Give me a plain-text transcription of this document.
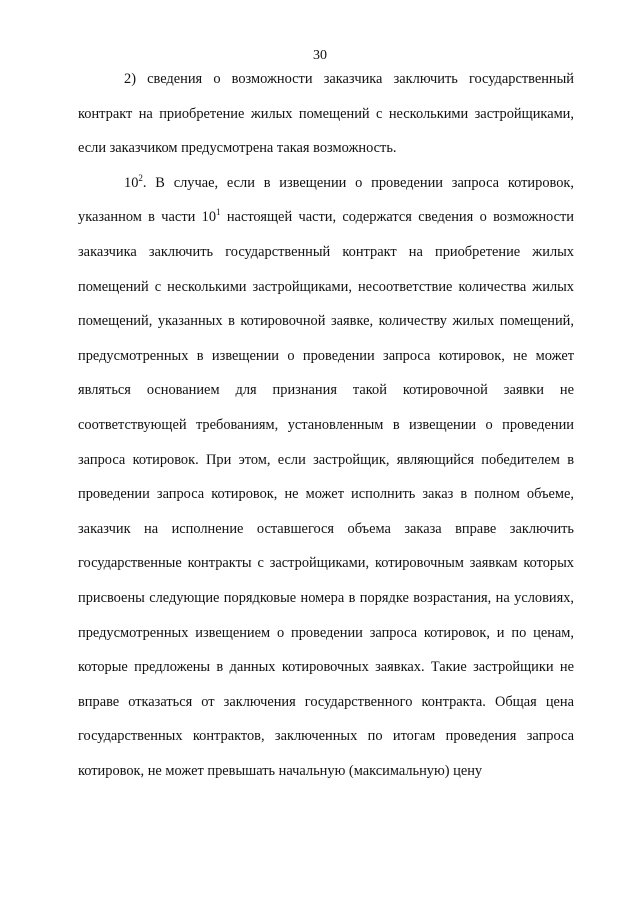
30

2) сведения о возможности заказчика заключить государственный контракт на приобретение жилых помещений с несколькими застройщиками, если заказчиком предусмотрена такая возможность.

$10^2$. В случае, если в извещении о проведении запроса котировок, указанном в части $10^1$ настоящей части, содержатся сведения о возможности заказчика заключить государственный контракт на приобретение жилых помещений с несколькими застройщиками, несоответствие количества жилых помещений, указанных в котировочной заявке, количеству жилых помещений, предусмотренных в извещении о проведении запроса котировок, не может являться основанием для признания такой котировочной заявки не соответствующей требованиям, установленным в извещении о проведении запроса котировок. При этом, если застройщик, являющийся победителем в проведении запроса котировок, не может исполнить заказ в полном объеме, заказчик на исполнение оставшегося объема заказа вправе заключить государственные контракты с застройщиками, котировочным заявкам которых присвоены следующие порядковые номера в порядке возрастания, на условиях, предусмотренных извещением о проведении запроса котировок, и по ценам, которые предложены в данных котировочных заявках. Такие застройщики не вправе отказаться от заключения государственного контракта. Общая цена государственных контрактов, заключенных по итогам проведения запроса котировок, не может превышать начальную (максимальную) цену
